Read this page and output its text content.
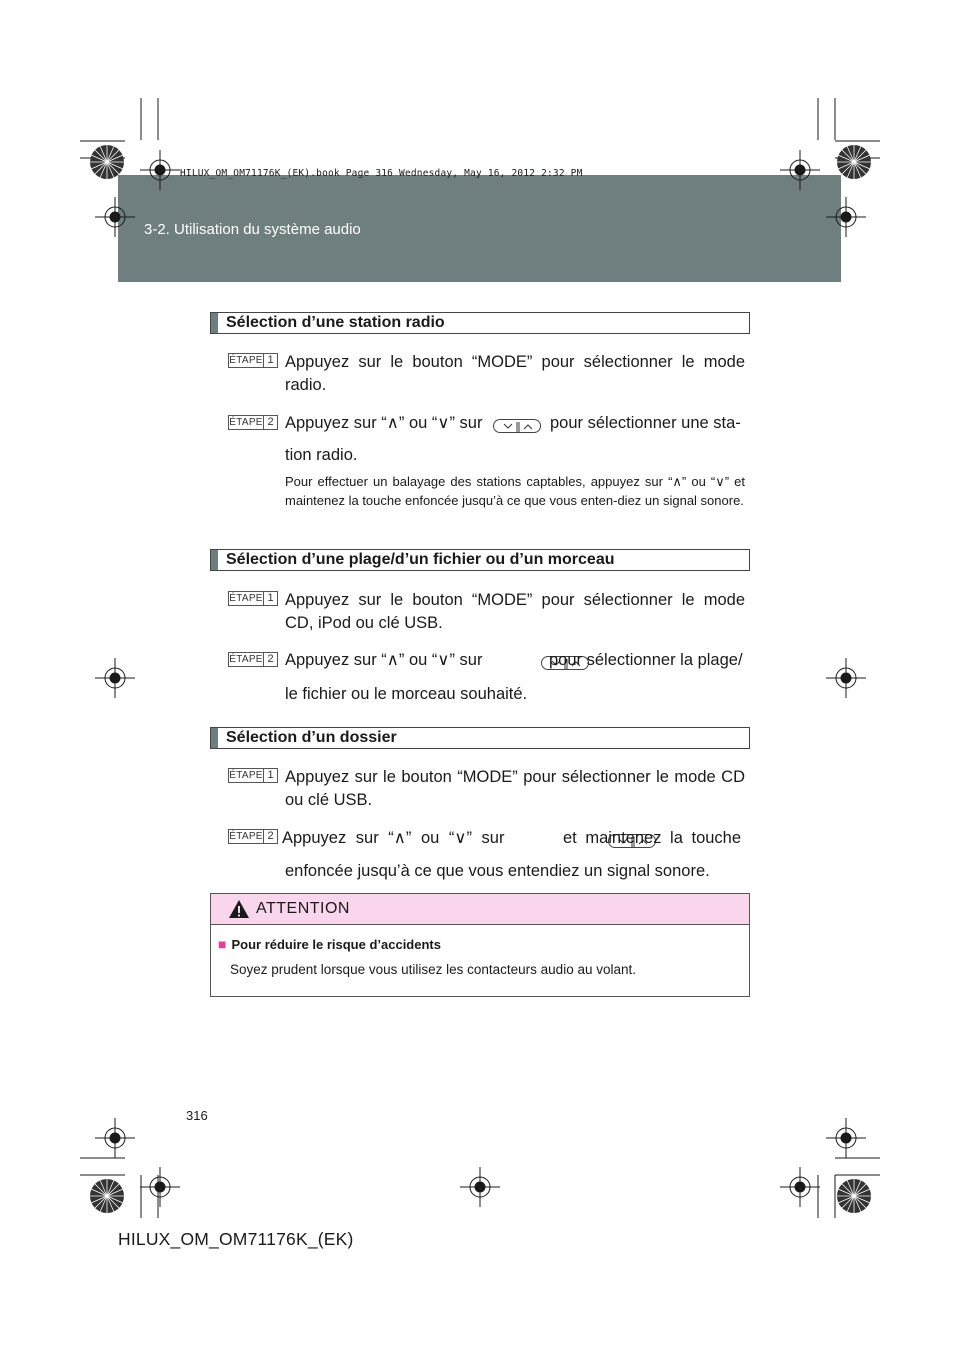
HILUX_OM_OM71176K_(EK).book Page 316 Wednesday, May 16, 2012 2:32 PM
3-2. Utilisation du système audio
Sélection d’une station radio
ÉTAPE 1 Appuyez sur le bouton “MODE” pour sélectionner le mode
radio.
ÉTAPE 2 Appuyez sur “∧” ou “∨” sur
	pour sélectionner une sta-
tion radio.
Pour effectuer un balayage des stations captables, appuyez sur “∧” ou “∨” et maintenez la touche enfoncée jusqu’à ce que vous enten-diez un signal sonore.
Sélection d’une plage/d’un fichier ou d’un morceau
ÉTAPE 1 Appuyez sur le bouton “MODE” pour sélectionner le mode
CD, iPod ou clé USB.
ÉTAPE 2 Appuyez sur “∧” ou “∨” sur
	pour sélectionner la plage/
le fichier ou le morceau souhaité.
Sélection d’un dossier
ÉTAPE 1 Appuyez sur le bouton “MODE” pour sélectionner le mode CD
ou clé USB.
ÉTAPE 2 Appuyez sur “∧” ou “∨” sur	et maintenez la touche
enfoncée jusqu’à ce que vous entendiez un signal sonore.
ATTENTION
■ Pour réduire le risque d’accidents
Soyez prudent lorsque vous utilisez les contacteurs audio au volant.
316
HILUX_OM_OM71176K_(EK)
